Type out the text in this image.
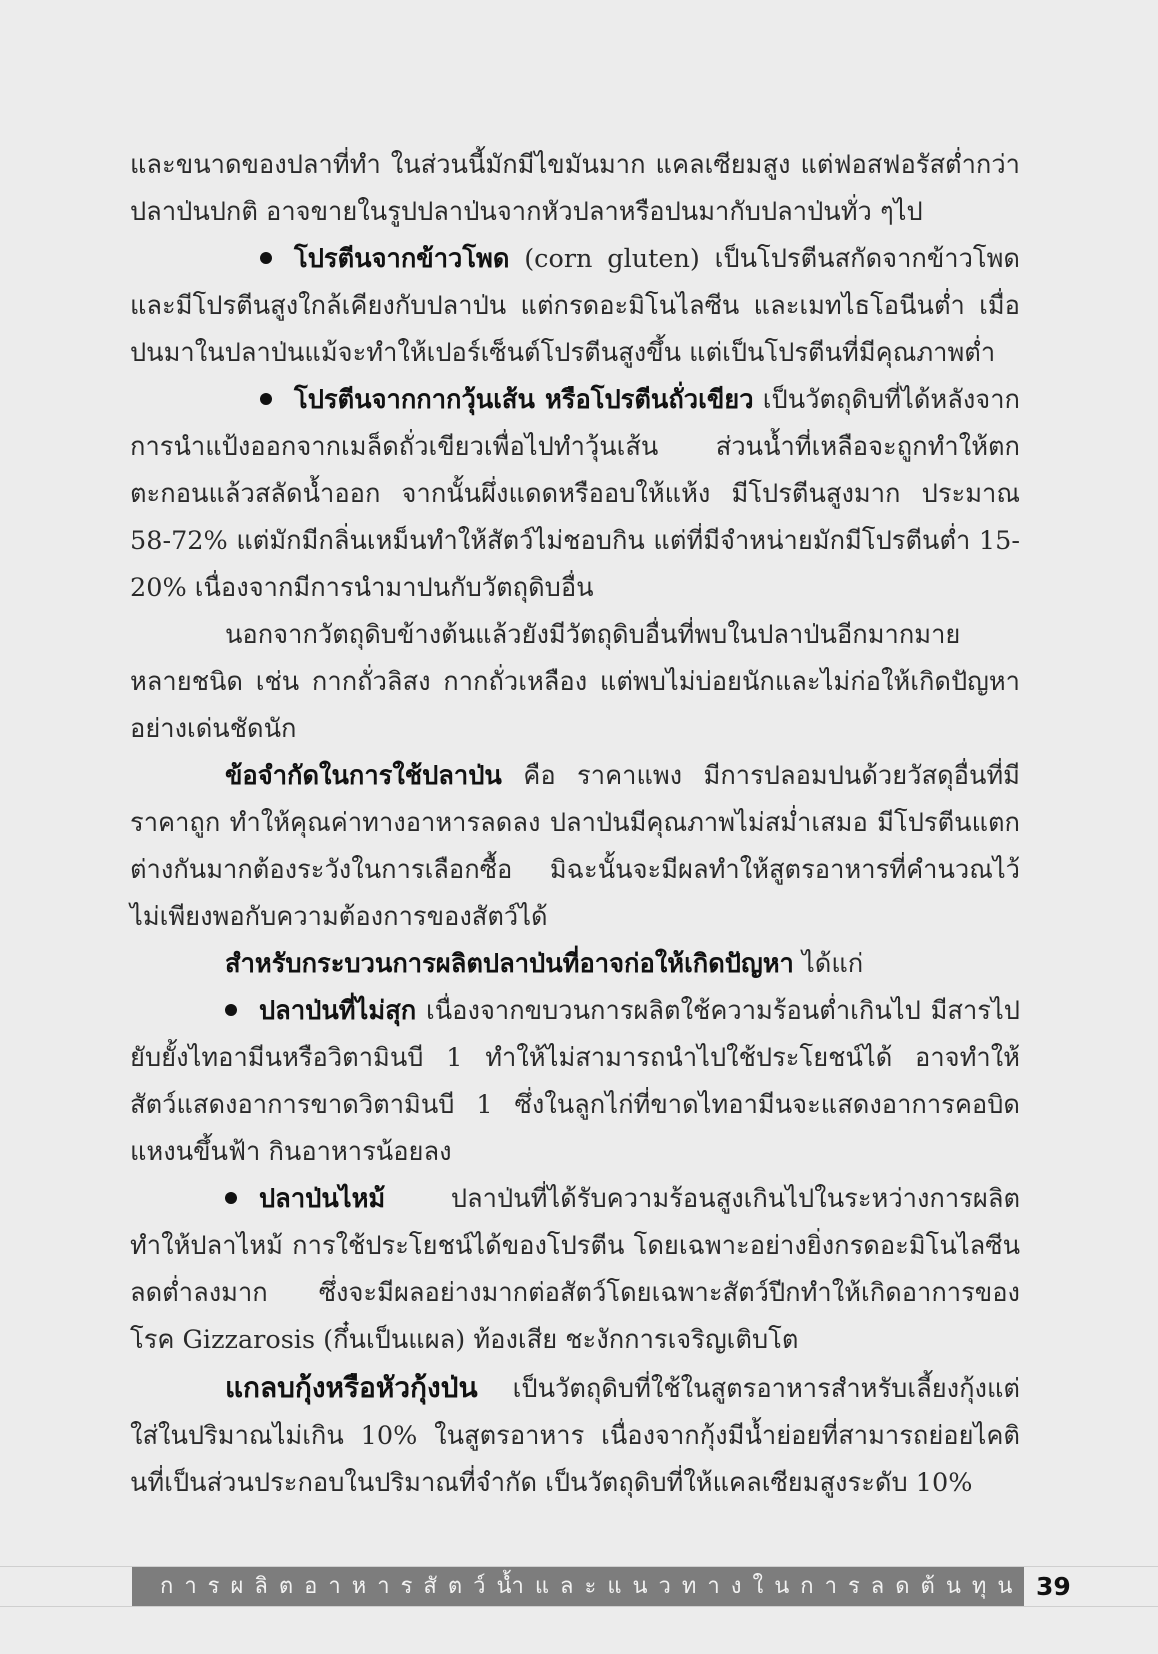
และขนาดของปลาที่ทำ ในส่วนนี้มักมีไขมันมาก แคลเซียมสูง แต่ฟอสฟอรัสต่ำกว่าปลาป่นปกติ อาจขายในรูปปลาป่นจากหัวปลาหรือปนมากับปลาป่นทั่ว ๆไป

โปรตีนจากข้าวโพด (corn gluten) เป็นโปรตีนสกัดจากข้าวโพด และมีโปรตีนสูงใกล้เคียงกับปลาป่น แต่กรดอะมิโนไลซีน และเมทไธโอนีนต่ำ เมื่อปนมาในปลาป่นแม้จะทำให้เปอร์เซ็นต์โปรตีนสูงขึ้น แต่เป็นโปรตีนที่มีคุณภาพต่ำ

โปรตีนจากกากวุ้นเส้น หรือโปรตีนถั่วเขียว เป็นวัตถุดิบที่ได้หลังจากการนำแป้งออกจากเมล็ดถั่วเขียวเพื่อไปทำวุ้นเส้น ส่วนน้ำที่เหลือจะถูกทำให้ตกตะกอนแล้วสลัดน้ำออก จากนั้นผึ่งแดดหรืออบให้แห้ง มีโปรตีนสูงมาก ประมาณ 58-72% แต่มักมีกลิ่นเหม็นทำให้สัตว์ไม่ชอบกิน แต่ที่มีจำหน่ายมักมีโปรตีนต่ำ 15-20% เนื่องจากมีการนำมาปนกับวัตถุดิบอื่น

นอกจากวัตถุดิบข้างต้นแล้วยังมีวัตถุดิบอื่นที่พบในปลาป่นอีกมากมายหลายชนิด เช่น กากถั่วลิสง กากถั่วเหลือง แต่พบไม่บ่อยนักและไม่ก่อให้เกิดปัญหาอย่างเด่นชัดนัก

ข้อจำกัดในการใช้ปลาป่น คือ ราคาแพง มีการปลอมปนด้วยวัสดุอื่นที่มีราคาถูก ทำให้คุณค่าทางอาหารลดลง ปลาป่นมีคุณภาพไม่สม่ำเสมอ มีโปรตีนแตกต่างกันมากต้องระวังในการเลือกซื้อ มิฉะนั้นจะมีผลทำให้สูตรอาหารที่คำนวณไว้ไม่เพียงพอกับความต้องการของสัตว์ได้

สำหรับกระบวนการผลิตปลาป่นที่อาจก่อให้เกิดปัญหา ได้แก่

ปลาป่นที่ไม่สุก เนื่องจากขบวนการผลิตใช้ความร้อนต่ำเกินไป มีสารไปยับยั้งไทอามีนหรือวิตามินบี 1 ทำให้ไม่สามารถนำไปใช้ประโยชน์ได้ อาจทำให้สัตว์แสดงอาการขาดวิตามินบี 1 ซึ่งในลูกไก่ที่ขาดไทอามีนจะแสดงอาการคอบิดแหงนขึ้นฟ้า กินอาหารน้อยลง

ปลาป่นไหม้ ปลาป่นที่ได้รับความร้อนสูงเกินไปในระหว่างการผลิตทำให้ปลาไหม้ การใช้ประโยชน์ได้ของโปรตีน โดยเฉพาะอย่างยิ่งกรดอะมิโนไลซีนลดต่ำลงมาก ซึ่งจะมีผลอย่างมากต่อสัตว์โดยเฉพาะสัตว์ปีกทำให้เกิดอาการของโรค Gizzarosis (กึ๋นเป็นแผล) ท้องเสีย ชะงักการเจริญเติบโต

แกลบกุ้งหรือหัวกุ้งป่น เป็นวัตถุดิบที่ใช้ในสูตรอาหารสำหรับเลี้ยงกุ้งแต่ใส่ในปริมาณไม่เกิน 10% ในสูตรอาหาร เนื่องจากกุ้งมีน้ำย่อยที่สามารถย่อยไคตินที่เป็นส่วนประกอบในปริมาณที่จำกัด เป็นวัตถุดิบที่ให้แคลเซียมสูงระดับ 10%

การผลิตอาหารสัตว์น้ำและแนวทางในการลดต้นทุน 39
